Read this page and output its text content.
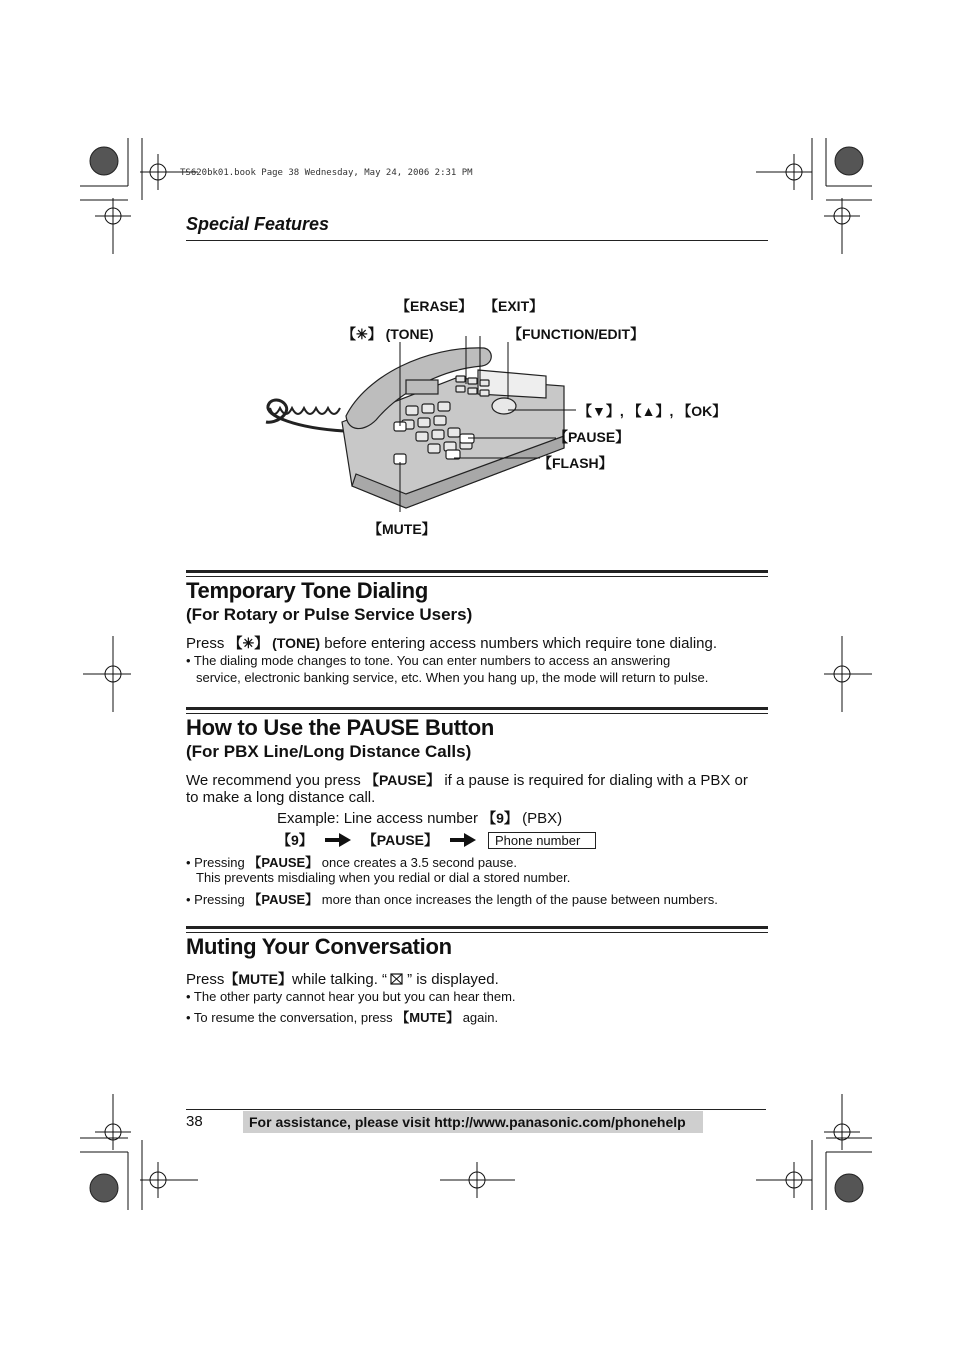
TS620bk01.book Page 38 Wednesday, May 24, 2006 2:31 PM
Special Features
【ERASE】 【EXIT】
【✳】 (TONE)	【FUNCTION/EDIT】
【▼】, 【▲】, 【OK】
【PAUSE】
【FLASH】
【MUTE】
Temporary Tone Dialing
(For Rotary or Pulse Service Users)
Press 【✳】 (TONE) before entering access numbers which require tone dialing.
• The dialing mode changes to tone. You can enter numbers to access an answering
service, electronic banking service, etc. When you hang up, the mode will return to pulse.
How to Use the PAUSE Button
(For PBX Line/Long Distance Calls)
We recommend you press 【PAUSE】 if a pause is required for dialing with a PBX or
to make a long distance call.
Example: Line access number 【9】 (PBX)
【9】	【PAUSE】	Phone number
• Pressing 【PAUSE】 once creates a 3.5 second pause.
This prevents misdialing when you redial or dial a stored number.
• Pressing 【PAUSE】 more than once increases the length of the pause between numbers.
Muting Your Conversation
Press 【MUTE】 while talking. “ ” is displayed.
• The other party cannot hear you but you can hear them.
• To resume the conversation, press 【MUTE】 again.
38	For assistance, please visit http://www.panasonic.com/phonehelp
